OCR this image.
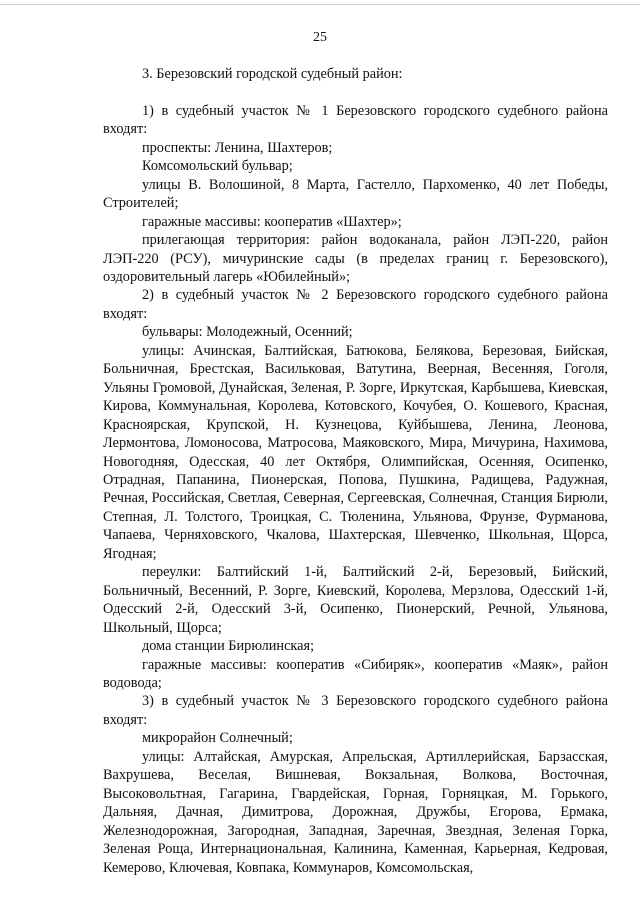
25

3. Березовский городской судебный район:

1) в судебный участок № 1 Березовского городского судебного района входят:

проспекты: Ленина, Шахтеров;

Комсомольский бульвар;

улицы В. Волошиной, 8 Марта, Гастелло, Пархоменко, 40 лет Победы, Строителей;

гаражные массивы: кооператив «Шахтер»;

прилегающая территория: район водоканала, район ЛЭП-220, район ЛЭП-220 (РСУ), мичуринские сады (в пределах границ г. Березовского), оздоровительный лагерь «Юбилейный»;

2) в судебный участок № 2 Березовского городского судебного района входят:

бульвары: Молодежный, Осенний;

улицы: Ачинская, Балтийская, Батюкова, Белякова, Березовая, Бийская, Больничная, Брестская, Васильковая, Ватутина, Веерная, Весенняя, Гоголя, Ульяны Громовой, Дунайская, Зеленая, Р. Зорге, Иркутская, Карбышева, Киевская, Кирова, Коммунальная, Королева, Котовского, Кочубея, О. Кошевого, Красная, Красноярская, Крупской, Н. Кузнецова, Куйбышева, Ленина, Леонова, Лермонтова, Ломоносова, Матросова, Маяковского, Мира, Мичурина, Нахимова, Новогодняя, Одесская, 40 лет Октября, Олимпийская, Осенняя, Осипенко, Отрадная, Папанина, Пионерская, Попова, Пушкина, Радищева, Радужная, Речная, Российская, Светлая, Северная, Сергеевская, Солнечная, Станция Бирюли, Степная, Л. Толстого, Троицкая, С. Тюленина, Ульянова, Фрунзе, Фурманова, Чапаева, Черняховского, Чкалова, Шахтерская, Шевченко, Школьная, Щорса, Ягодная;

переулки: Балтийский 1-й, Балтийский 2-й, Березовый, Бийский, Больничный, Весенний, Р. Зорге, Киевский, Королева, Мерзлова, Одесский 1-й, Одесский 2-й, Одесский 3-й, Осипенко, Пионерский, Речной, Ульянова, Школьный, Щорса;

дома станции Бирюлинская;

гаражные массивы: кооператив «Сибиряк», кооператив «Маяк», район водовода;

3) в судебный участок № 3 Березовского городского судебного района входят:

микрорайон Солнечный;

улицы: Алтайская, Амурская, Апрельская, Артиллерийская, Барзасская, Вахрушева, Веселая, Вишневая, Вокзальная, Волкова, Восточная, Высоковольтная, Гагарина, Гвардейская, Горная, Горняцкая, М. Горького, Дальняя, Дачная, Димитрова, Дорожная, Дружбы, Егорова, Ермака, Железнодорожная, Загородная, Западная, Заречная, Звездная, Зеленая Горка, Зеленая Роща, Интернациональная, Калинина, Каменная, Карьерная, Кедровая, Кемерово, Ключевая, Ковпака, Коммунаров, Комсомольская,
